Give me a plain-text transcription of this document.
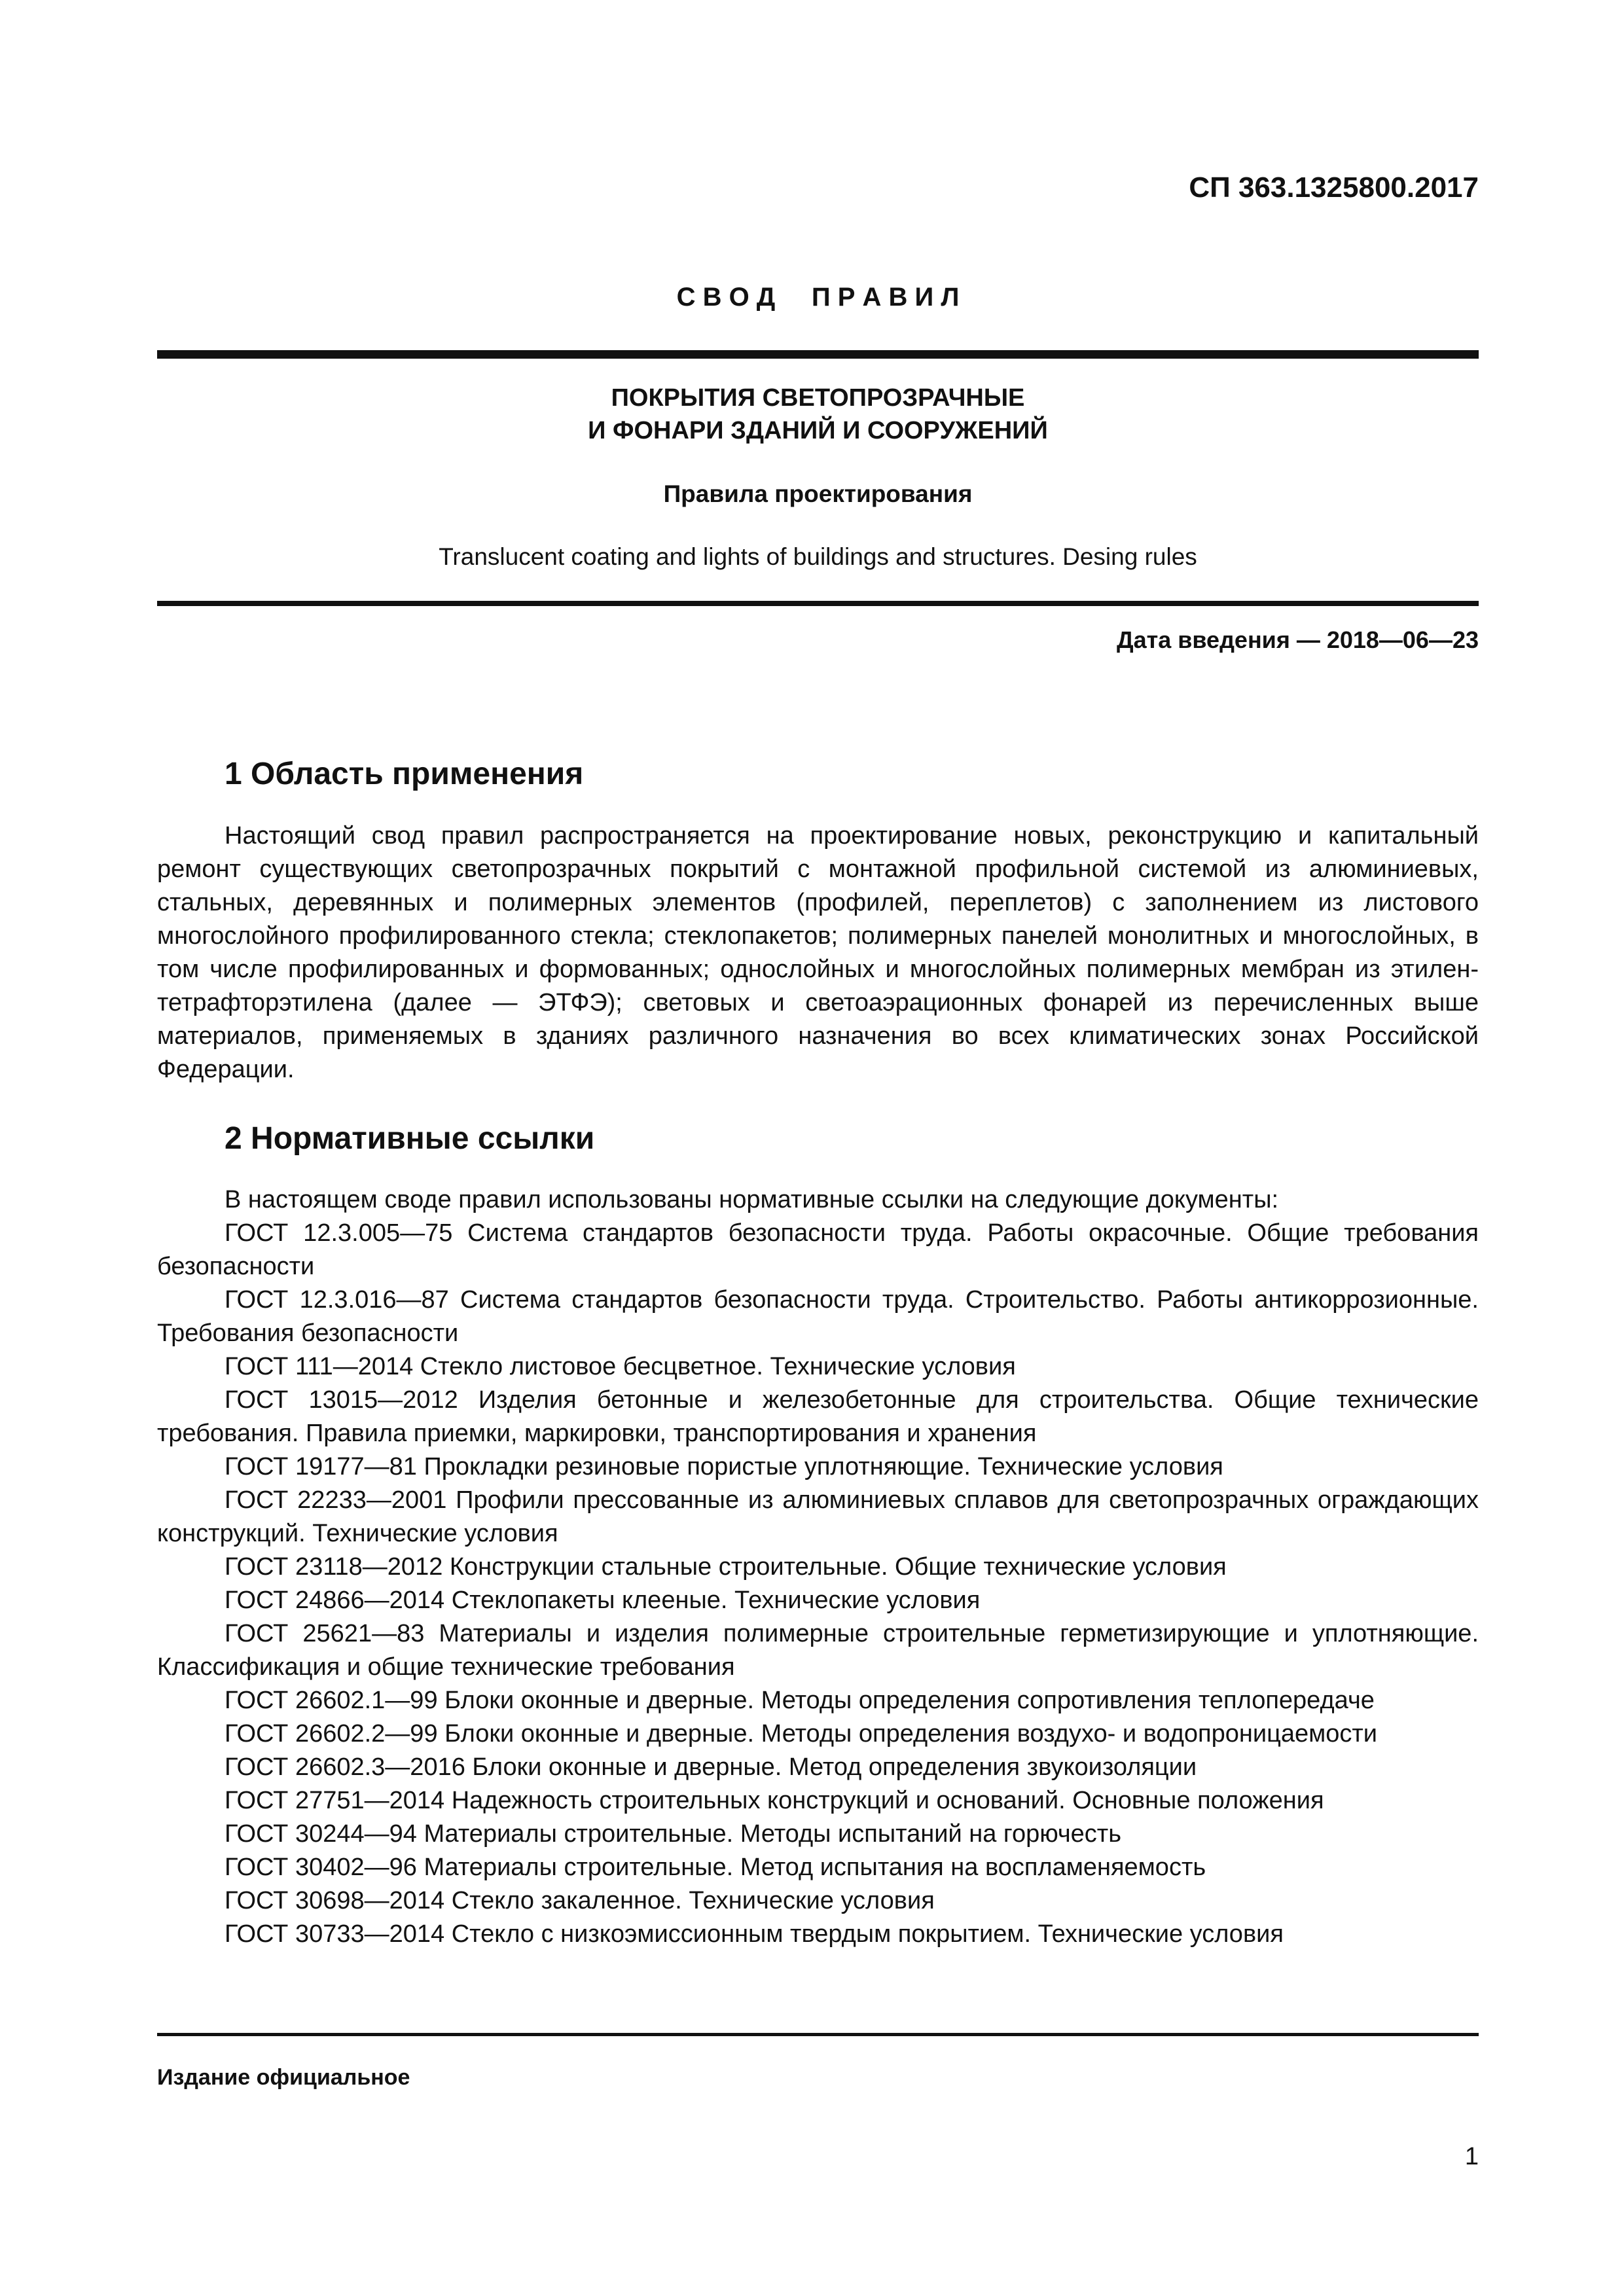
СП 363.1325800.2017
С В О Д     П Р А В И Л
ПОКРЫТИЯ СВЕТОПРОЗРАЧНЫЕ
И ФОНАРИ ЗДАНИЙ И СООРУЖЕНИЙ
Правила проектирования
Translucent coating and lights of buildings and structures. Desing rules
Дата введения — 2018—06—23
1 Область применения
Настоящий свод правил распространяется на проектирование новых, реконструкцию и капитальный ремонт существующих светопрозрачных покрытий с монтажной профильной системой из алюминиевых, стальных, деревянных и полимерных элементов (профилей, переплетов) с заполнением из листового многослойного профилированного стекла; стеклопакетов; полимерных панелей монолитных и многослойных, в том числе профилированных и формованных; однослойных и многослойных полимерных мембран из этилен-тетрафторэтилена (далее — ЭТФЭ); световых и светоаэрационных фонарей из перечисленных выше материалов, применяемых в зданиях различного назначения во всех климатических зонах Российской Федерации.
2 Нормативные ссылки

В настоящем своде правил использованы нормативные ссылки на следующие документы:

ГОСТ 12.3.005—75 Система стандартов безопасности труда. Работы окрасочные. Общие требования безопасности

ГОСТ 12.3.016—87 Система стандартов безопасности труда. Строительство. Работы антикоррозионные. Требования безопасности

ГОСТ 111—2014 Стекло листовое бесцветное. Технические условия

ГОСТ 13015—2012 Изделия бетонные и железобетонные для строительства. Общие технические требования. Правила приемки, маркировки, транспортирования и хранения

ГОСТ 19177—81 Прокладки резиновые пористые уплотняющие. Технические условия

ГОСТ 22233—2001 Профили прессованные из алюминиевых сплавов для светопрозрачных ограждающих конструкций. Технические условия

ГОСТ 23118—2012 Конструкции стальные строительные. Общие технические условия

ГОСТ 24866—2014 Стеклопакеты клееные. Технические условия

ГОСТ 25621—83 Материалы и изделия полимерные строительные герметизирующие и уплотняющие. Классификация и общие технические требования

ГОСТ 26602.1—99 Блоки оконные и дверные. Методы определения сопротивления теплопередаче

ГОСТ 26602.2—99 Блоки оконные и дверные. Методы определения воздухо- и водопроницаемости

ГОСТ 26602.3—2016 Блоки оконные и дверные. Метод определения звукоизоляции

ГОСТ 27751—2014 Надежность строительных конструкций и оснований. Основные положения

ГОСТ 30244—94 Материалы строительные. Методы испытаний на горючесть

ГОСТ 30402—96 Материалы строительные. Метод испытания на воспламеняемость

ГОСТ 30698—2014 Стекло закаленное. Технические условия

ГОСТ 30733—2014 Стекло с низкоэмиссионным твердым покрытием. Технические условия

Издание официальное
1
